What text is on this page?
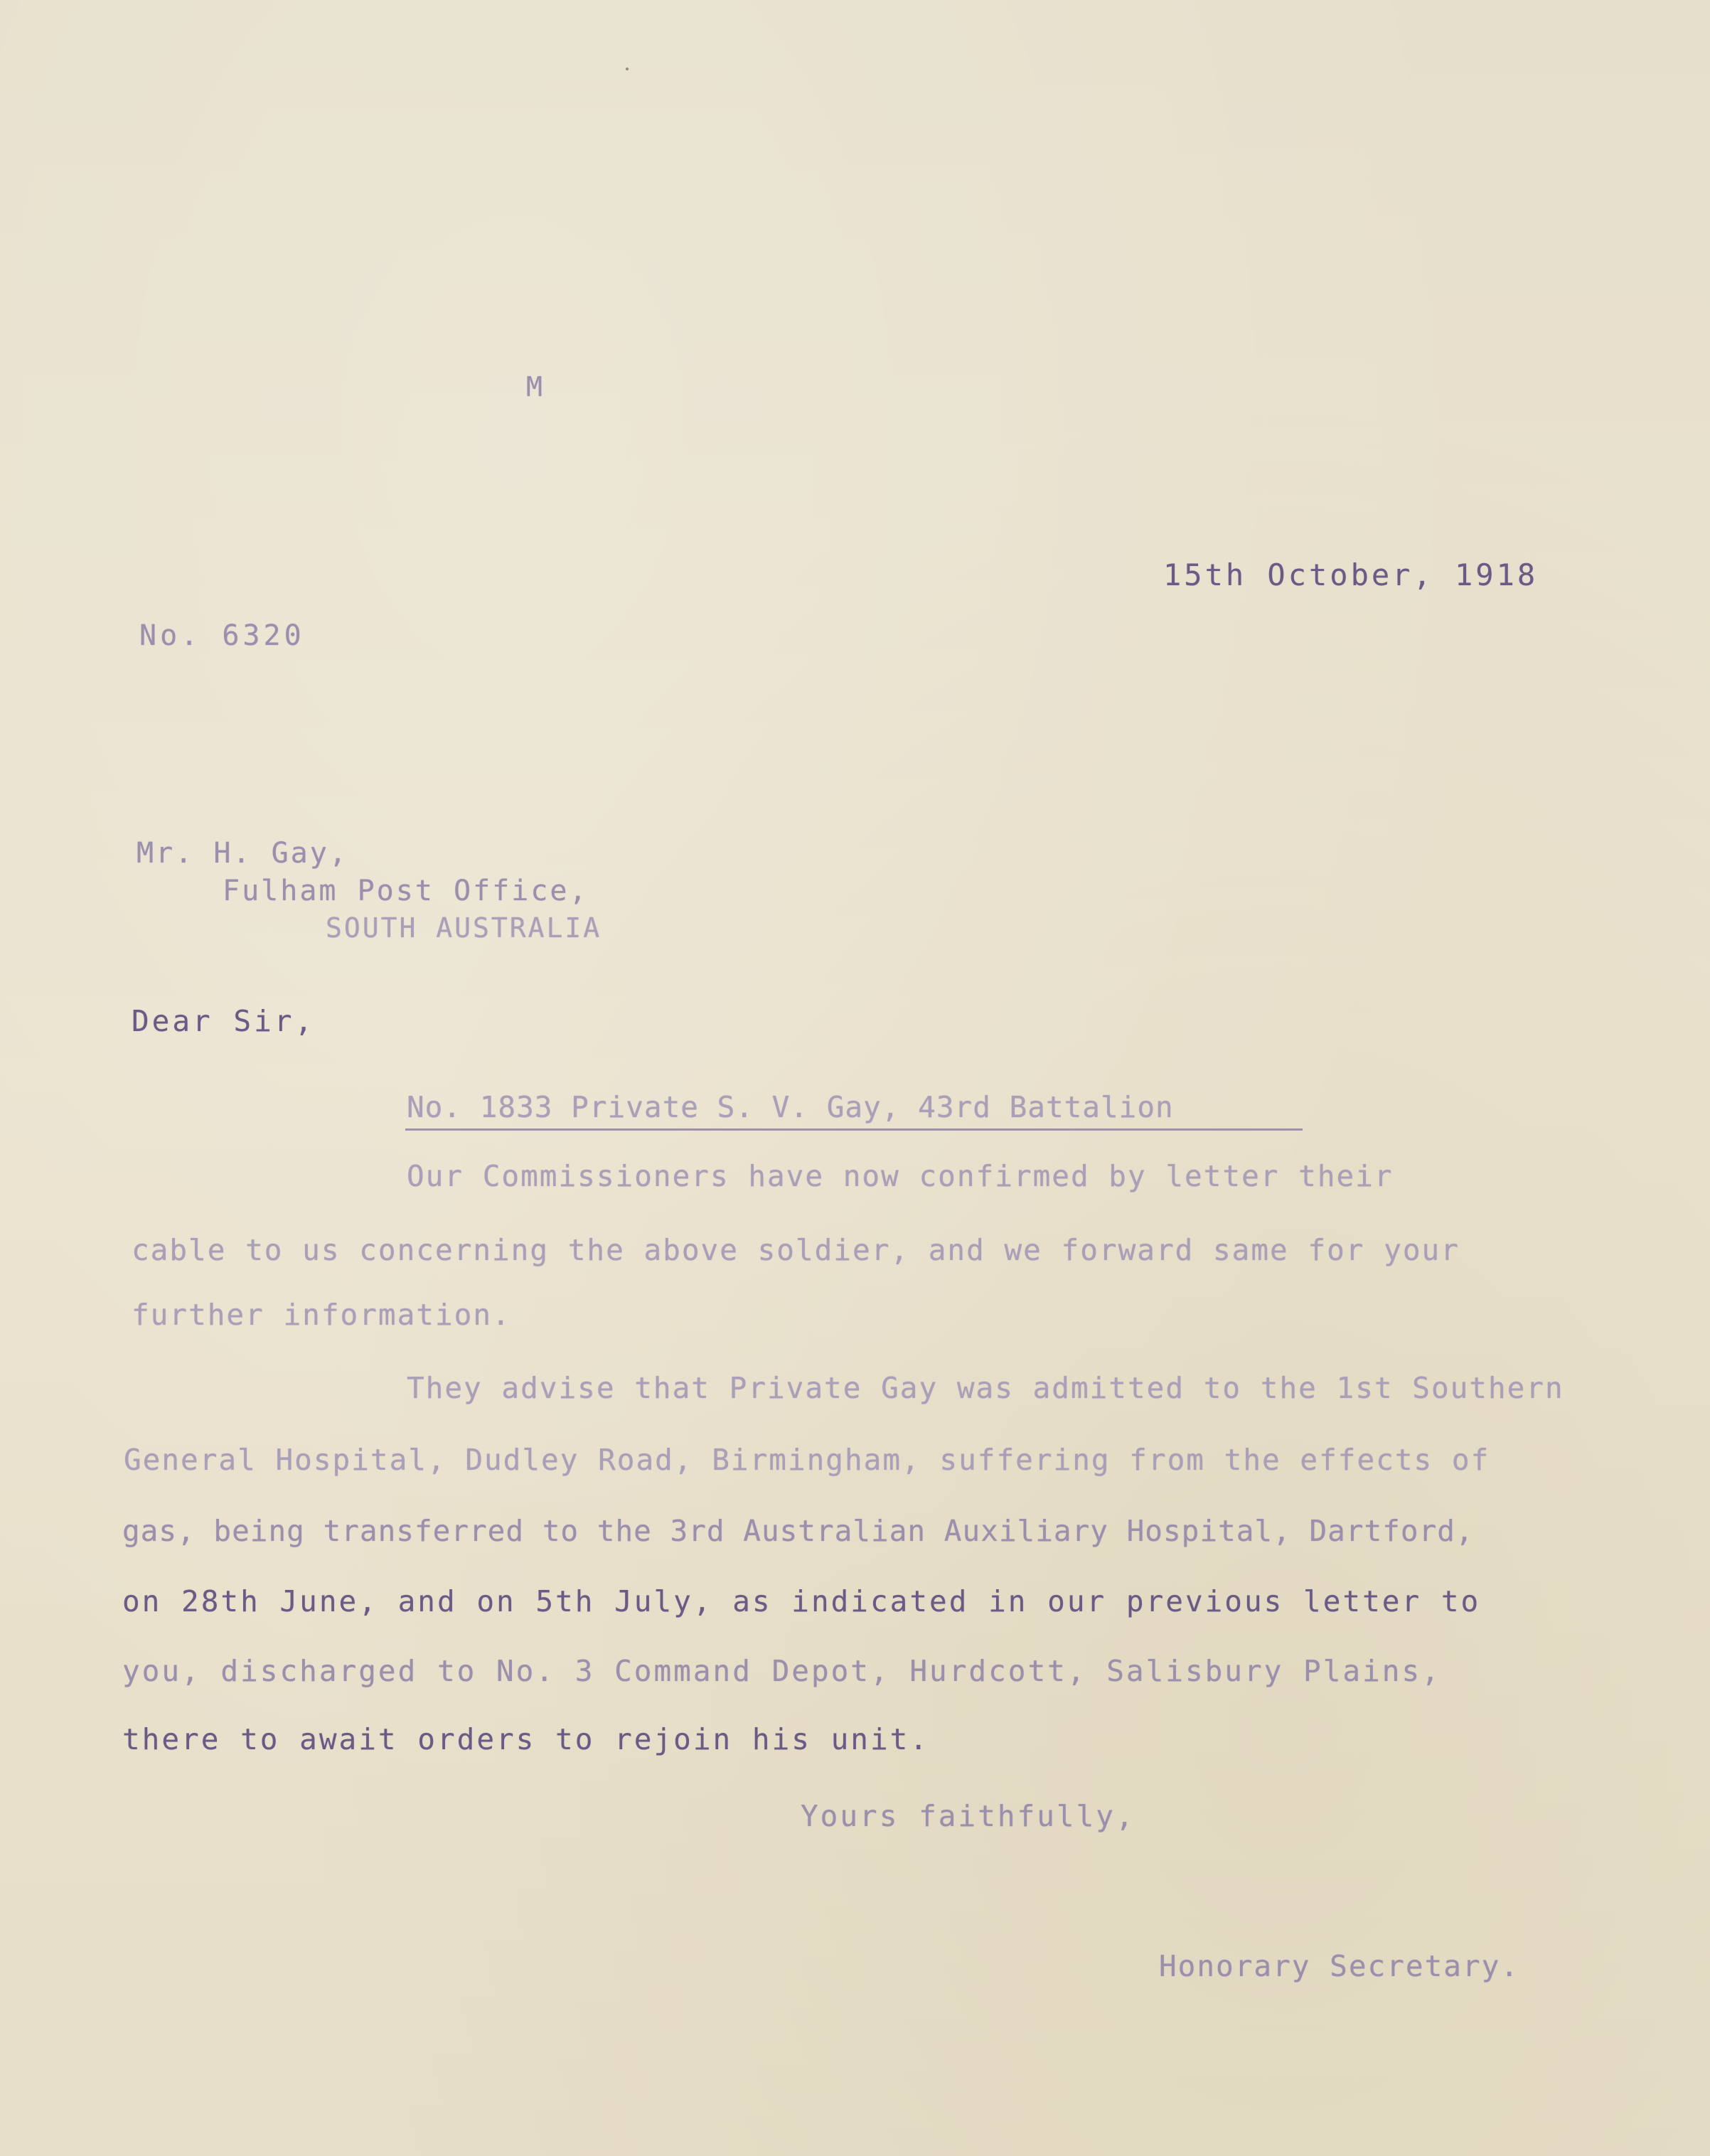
M
15th October, 1918
No. 6320
Mr. H. Gay,
Fulham Post Office,
SOUTH AUSTRALIA
Dear Sir,
No. 1833 Private S. V. Gay, 43rd Battalion
Our Commissioners have now confirmed by letter their
cable to us concerning the above soldier, and we forward same for your
further information.
They advise that Private Gay was admitted to the 1st Southern
General Hospital, Dudley Road, Birmingham, suffering from the effects of
gas, being transferred to the 3rd Australian Auxiliary Hospital, Dartford,
on 28th June, and on 5th July, as indicated in our previous letter to
you, discharged to No. 3 Command Depot, Hurdcott, Salisbury Plains,
there to await orders to rejoin his unit.
Yours faithfully,
Honorary Secretary.
